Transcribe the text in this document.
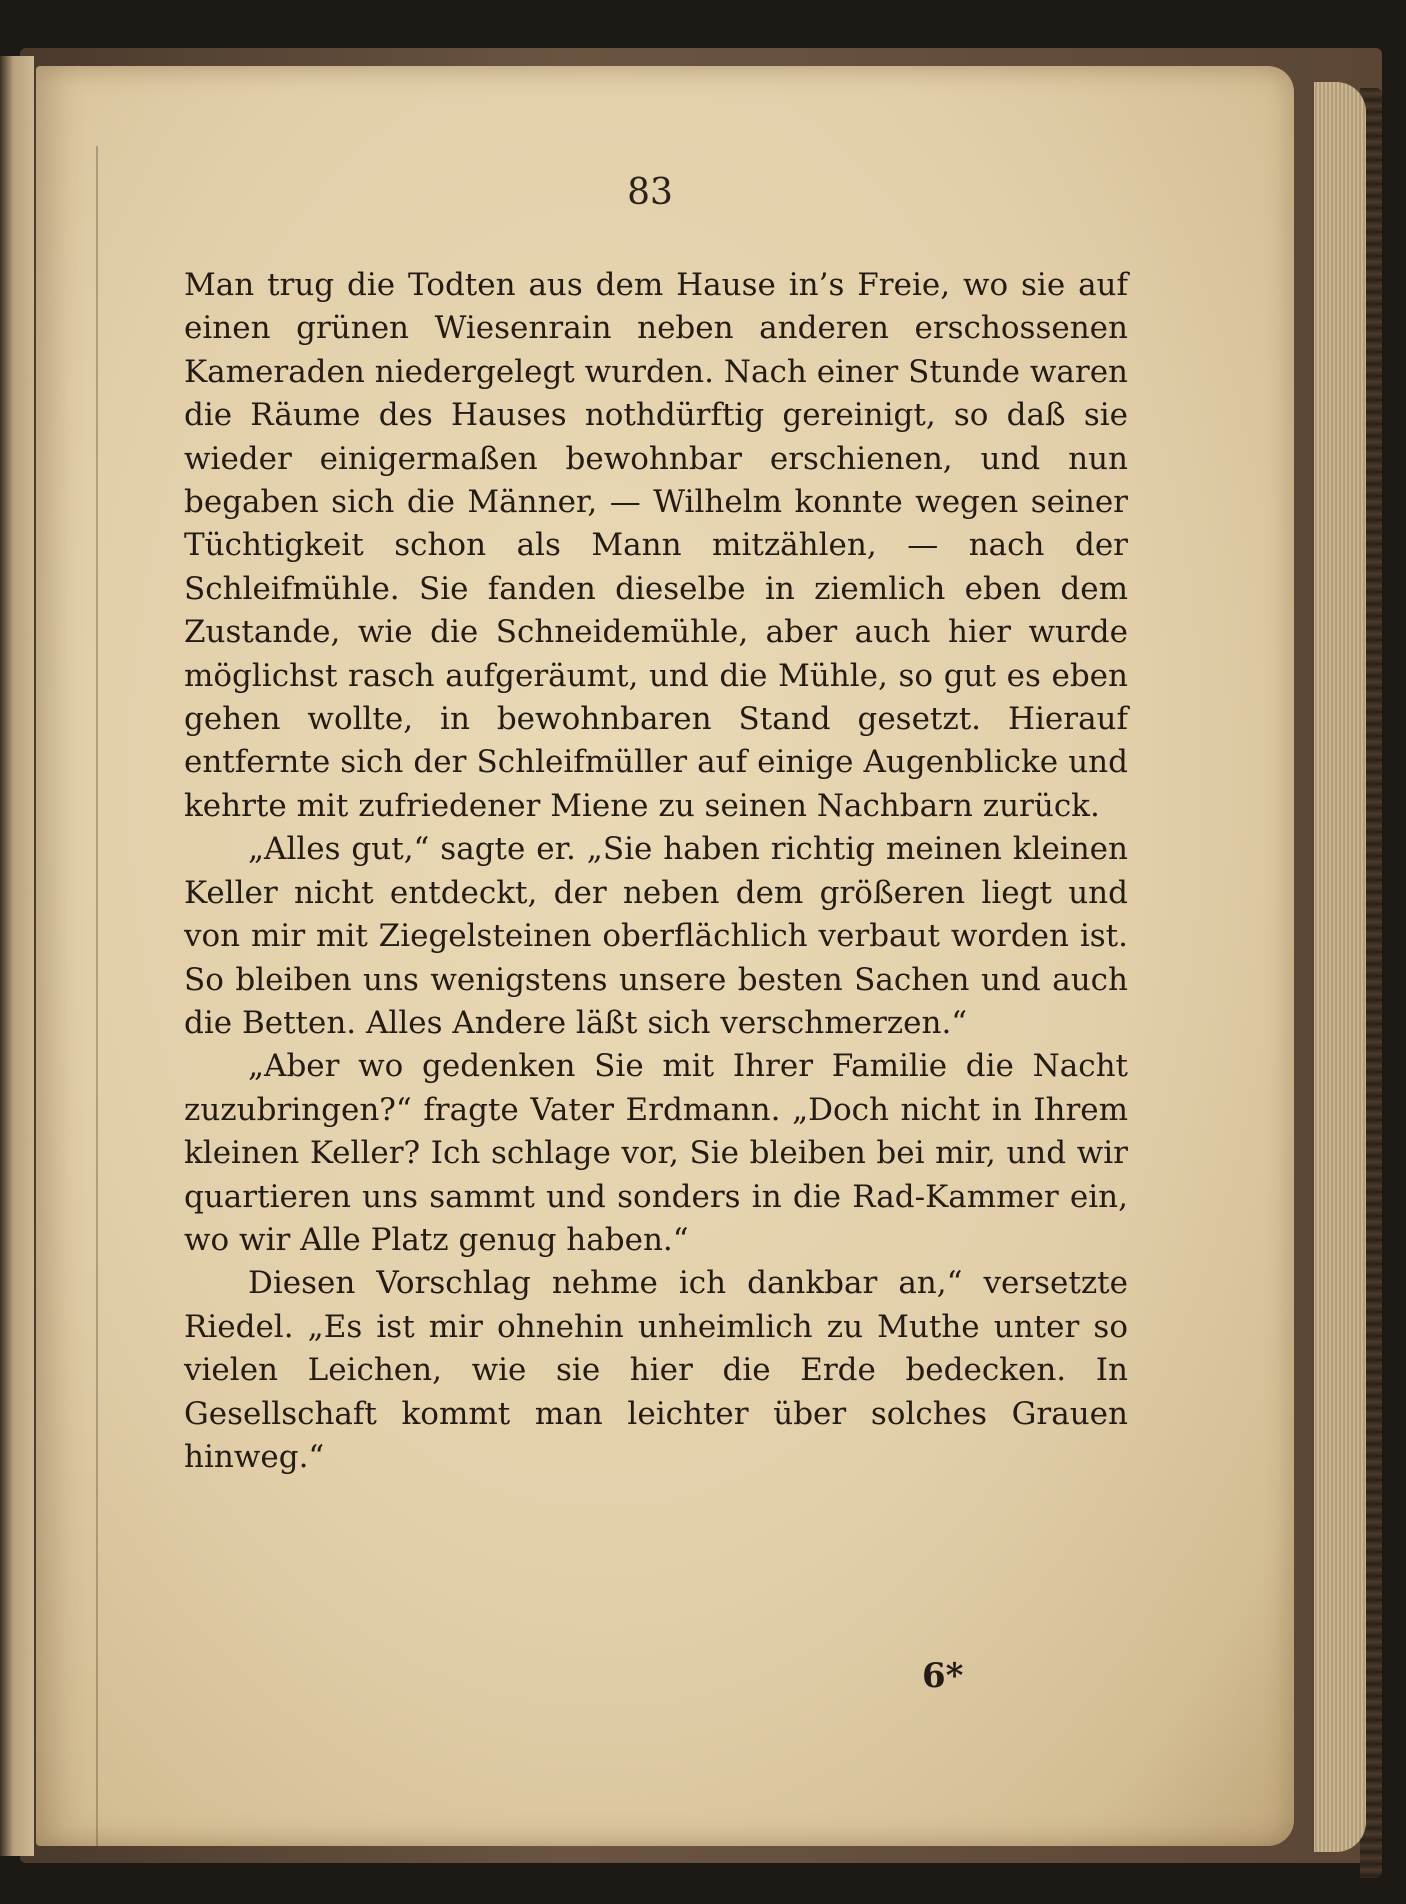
83

Man trug die Todten aus dem Hause in’s Freie, wo sie auf einen grünen Wiesenrain neben anderen erschossenen Kameraden niedergelegt wurden. Nach einer Stunde waren die Räume des Hauses nothdürftig gereinigt, so daß sie wieder einigermaßen bewohnbar erschienen, und nun begaben sich die Männer, — Wilhelm konnte wegen seiner Tüchtigkeit schon als Mann mitzählen, — nach der Schleifmühle. Sie fanden dieselbe in ziemlich eben dem Zustande, wie die Schneidemühle, aber auch hier wurde möglichst rasch aufgeräumt, und die Mühle, so gut es eben gehen wollte, in bewohnbaren Stand gesetzt. Hierauf entfernte sich der Schleifmüller auf einige Augenblicke und kehrte mit zufriedener Miene zu seinen Nachbarn zurück.

„Alles gut,“ sagte er. „Sie haben richtig meinen kleinen Keller nicht entdeckt, der neben dem größeren liegt und von mir mit Ziegelsteinen oberflächlich verbaut worden ist. So bleiben uns wenigstens unsere besten Sachen und auch die Betten. Alles Andere läßt sich verschmerzen.“

„Aber wo gedenken Sie mit Ihrer Familie die Nacht zuzubringen?“ fragte Vater Erdmann. „Doch nicht in Ihrem kleinen Keller? Ich schlage vor, Sie bleiben bei mir, und wir quartieren uns sammt und sonders in die Rad-Kammer ein, wo wir Alle Platz genug haben.“

Diesen Vorschlag nehme ich dankbar an,“ versetzte Riedel. „Es ist mir ohnehin unheimlich zu Muthe unter so vielen Leichen, wie sie hier die Erde bedecken. In Gesellschaft kommt man leichter über solches Grauen hinweg.“

6*
